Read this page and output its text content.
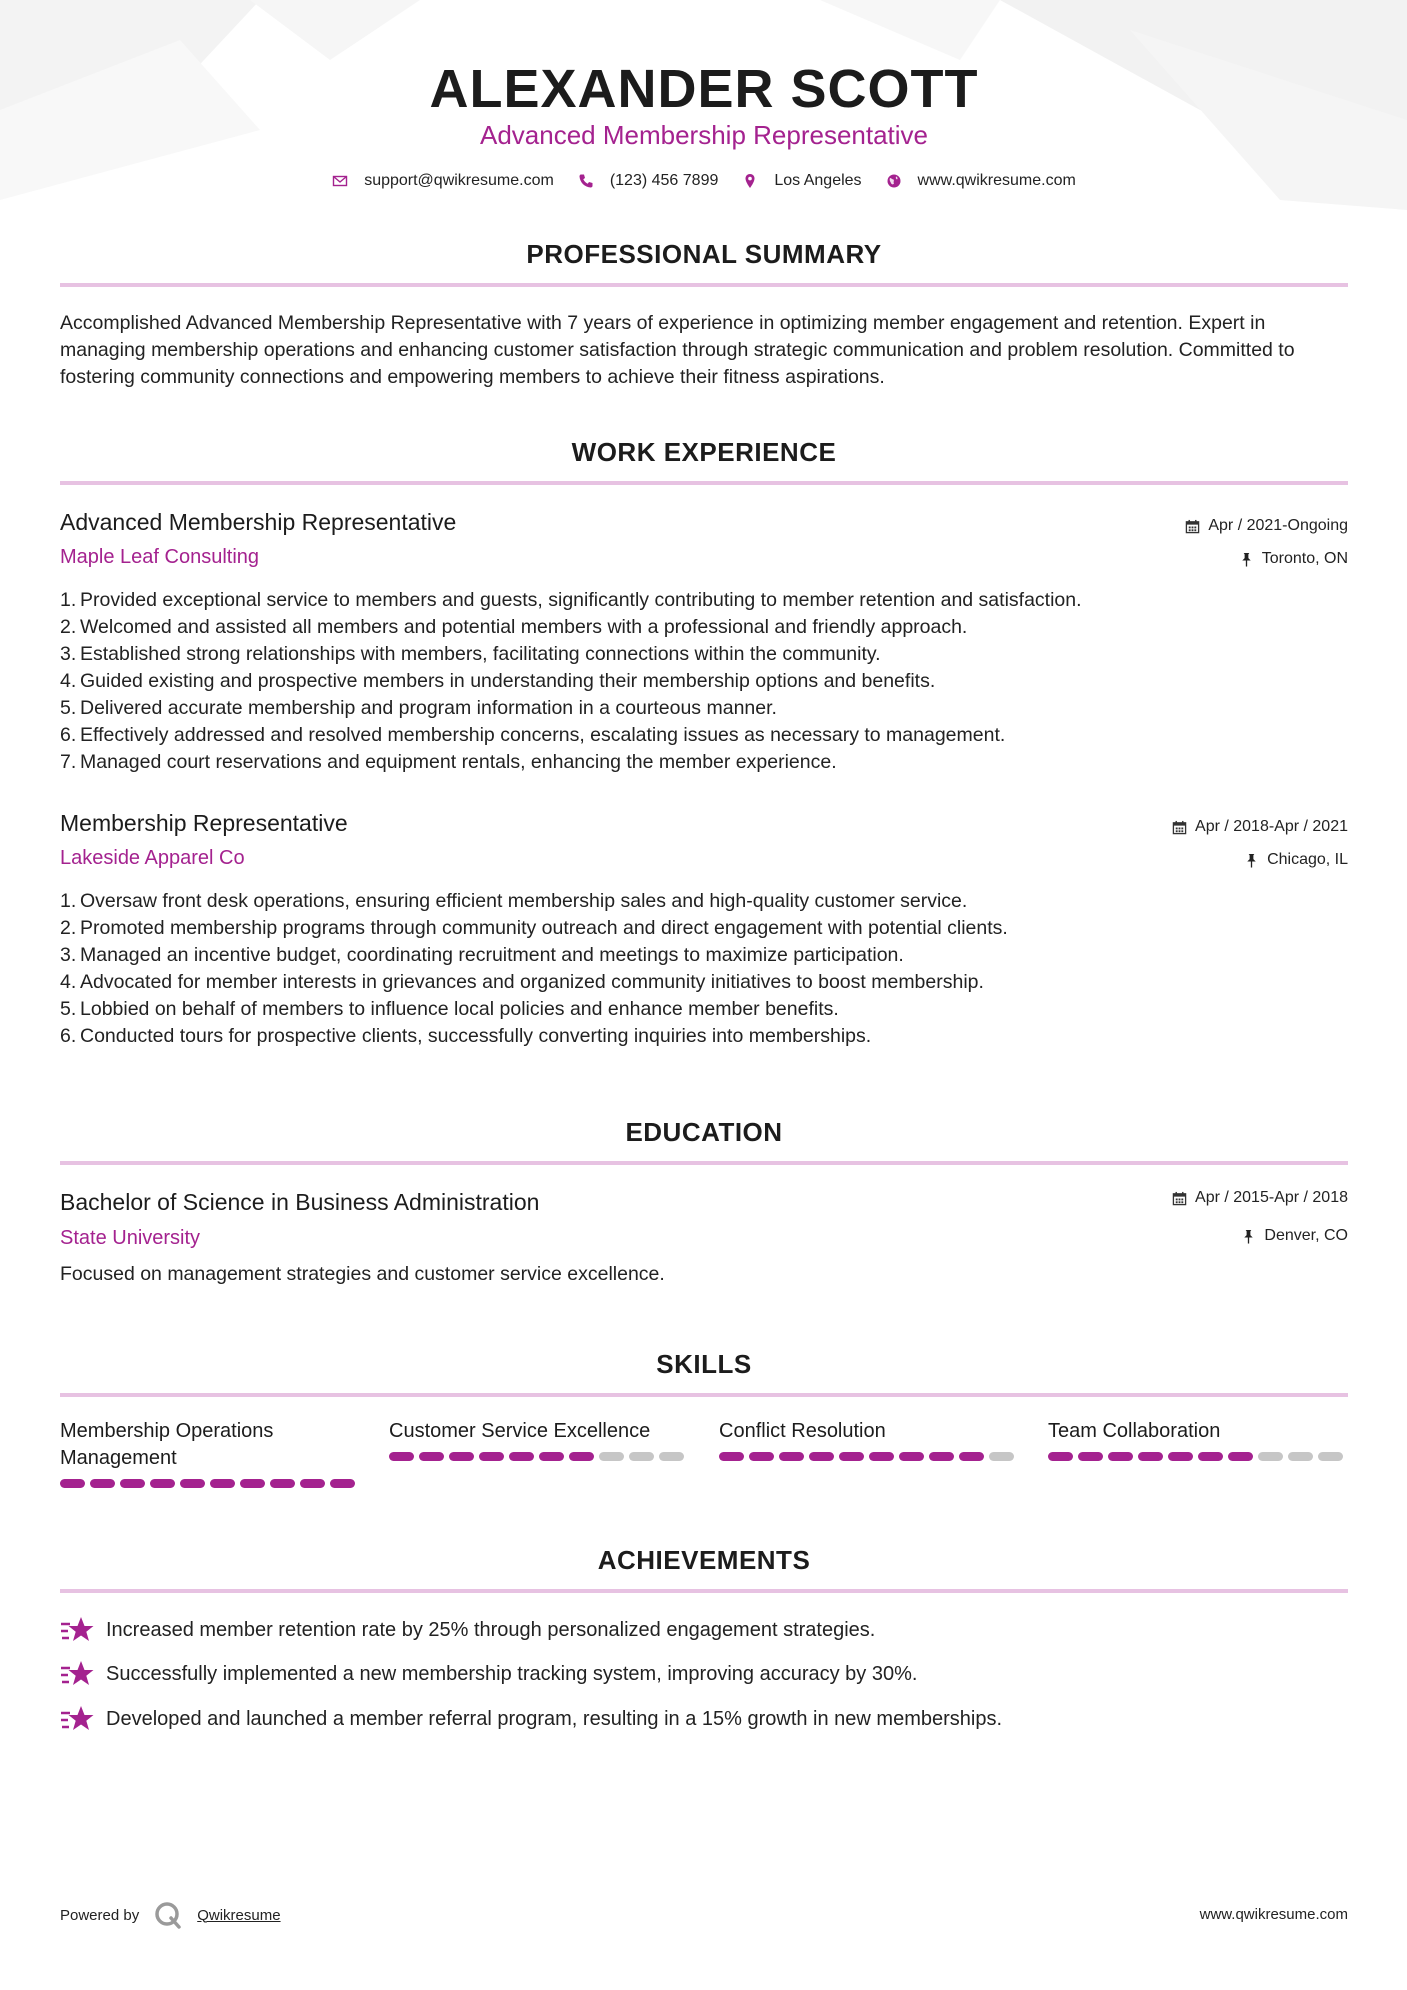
ALEXANDER SCOTT
Advanced Membership Representative
support@qwikresume.com	(123) 456 7899	Los Angeles	www.qwikresume.com
PROFESSIONAL SUMMARY
Accomplished Advanced Membership Representative with 7 years of experience in optimizing member engagement and retention. Expert in managing membership operations and enhancing customer satisfaction through strategic communication and problem resolution. Committed to fostering community connections and empowering members to achieve their fitness aspirations.
WORK EXPERIENCE
Advanced Membership Representative
Maple Leaf Consulting
Apr / 2021-Ongoing
Toronto, ON
1. Provided exceptional service to members and guests, significantly contributing to member retention and satisfaction.
2. Welcomed and assisted all members and potential members with a professional and friendly approach.
3. Established strong relationships with members, facilitating connections within the community.
4. Guided existing and prospective members in understanding their membership options and benefits.
5. Delivered accurate membership and program information in a courteous manner.
6. Effectively addressed and resolved membership concerns, escalating issues as necessary to management.
7. Managed court reservations and equipment rentals, enhancing the member experience.
Membership Representative
Lakeside Apparel Co
Apr / 2018-Apr / 2021
Chicago, IL
1. Oversaw front desk operations, ensuring efficient membership sales and high-quality customer service.
2. Promoted membership programs through community outreach and direct engagement with potential clients.
3. Managed an incentive budget, coordinating recruitment and meetings to maximize participation.
4. Advocated for member interests in grievances and organized community initiatives to boost membership.
5. Lobbied on behalf of members to influence local policies and enhance member benefits.
6. Conducted tours for prospective clients, successfully converting inquiries into memberships.
EDUCATION
Bachelor of Science in Business Administration
State University
Apr / 2015-Apr / 2018
Denver, CO
Focused on management strategies and customer service excellence.
SKILLS
Membership Operations Management
Customer Service Excellence	Conflict Resolution	Team Collaboration
ACHIEVEMENTS
Increased member retention rate by 25% through personalized engagement strategies.
Successfully implemented a new membership tracking system, improving accuracy by 30%.
Developed and launched a member referral program, resulting in a 15% growth in new memberships.
Powered by	Qwikresume	www.qwikresume.com
